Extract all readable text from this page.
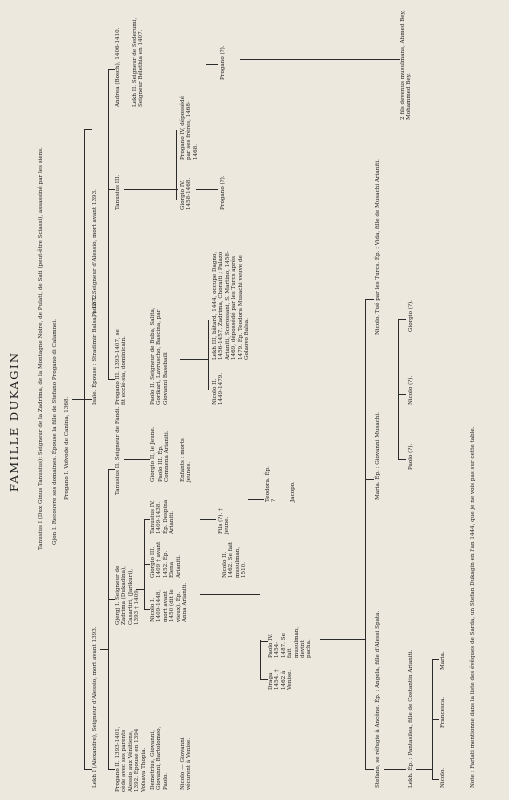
FAMILLE DUKAGIN	Tanusius I (Dux Ginus Tanusius): Seigneur de la Zadrima, de la Montagne Noire, de Pulati, de Sati (peut-être Sciassi), assassiné par les siens. Gjon I. Recouvre ses domaines. Épouse la fille de Stefano Progano di Calamnei. Progano I. Voïvode de Canina, 1368.
Lekh I (Alexandre), Seigneur d'Alessio, mort avant 1393.
Isaïe. Épouse : Stradimir Balsa, † 1372.
Paolo I. Seigneur d'Alessio, mort avant 1393.
Progano II. 1393-1401, cède avec ses parents Alessio aux Vénitiens, 1392. Épouse en 1394 Voïsava Thopia.
Gjergj I. Seigneur de Zadrima (Dukadina), Casartiri, (Jarikuri), 1393 † 1409.
Tanusius II. Seigneur de Fandi.
Progano III. 1393-1407, se fit ecclé-sia, dominicain.
Tanusius III.
Andrea (Bosch), 1406-1410.
Demetrius, Giovanni, Giovanni, Bartolomeo, Paolo.
Nicolo I. 1409-1448, mort avant 1450 (dit le vieux). Ép. Anna Arianiti.
Giorgio III. 1409 † avant 1452. Ép. Elena Arianiti.
Tanusius IV. 1409-1438. Ép. Despina Arianiti.
Giorgio II, le Jeune. Paolo III. Ép. Comnena Arianiti.
Paolo II. Seigneur de Buba, Salita, Gorikari, Lavruscho, Bascina, par Giovanni Basebaili
Lekh II. Seigneur de Sederumi, Seigneur Bélethia en 1407.
Giorgio IV. 1458-1468.
Progano IV, dépossédé par ses frères, 1468-1468.
Progano (?).
Progano (?).
Nicolo — Giovanni vécurent à Venise.
Nicolo II. 1462. Se fait musulman, 1510.
Enfants : morts jeunes.
Nicolo II. 1449-1479.
Lekh III, bâtard, 1444, occupe Dagno, 1456-1457. Zadrima, Choraiti ; Palazo Arianiti, Scorossani, S. Martino, 1458-1469, dépossédé par les Turcs après 1479. Ép. Teodora Musachi veuve de Golaovo Balsa.
Fils (?). † jeune.
Teodora. Ép. ? Jacopo.
Draga 1454. † 1462 à Venise.
Paolo IV. 1454-1487. Se fait musulman, devint pacha.
2 fils devenus musulmans, Ahmed Bey, Mohammed Bey.
Stefano, se réfugie à Ancône. Ép. : Angela, fille d'Alessi Spata.
Maria. Ép. : Giovanni Musachi.
Nicolo. Tué par les Turcs. Ép. : Vida, fille de Musachi Arianiti.
Lekh. Ép. : Pantasilea, fille de Costantin Arianiti.
Paolo (?).
Nicolo (?).
Giorgio (?).
Nicolo.
Francesca.
Maria.	Note : Farlati mentionne dans la liste des évêques de Sarda, un Stefan Dukagin en l'an 1444, que je ne vois pas sur cette table.
